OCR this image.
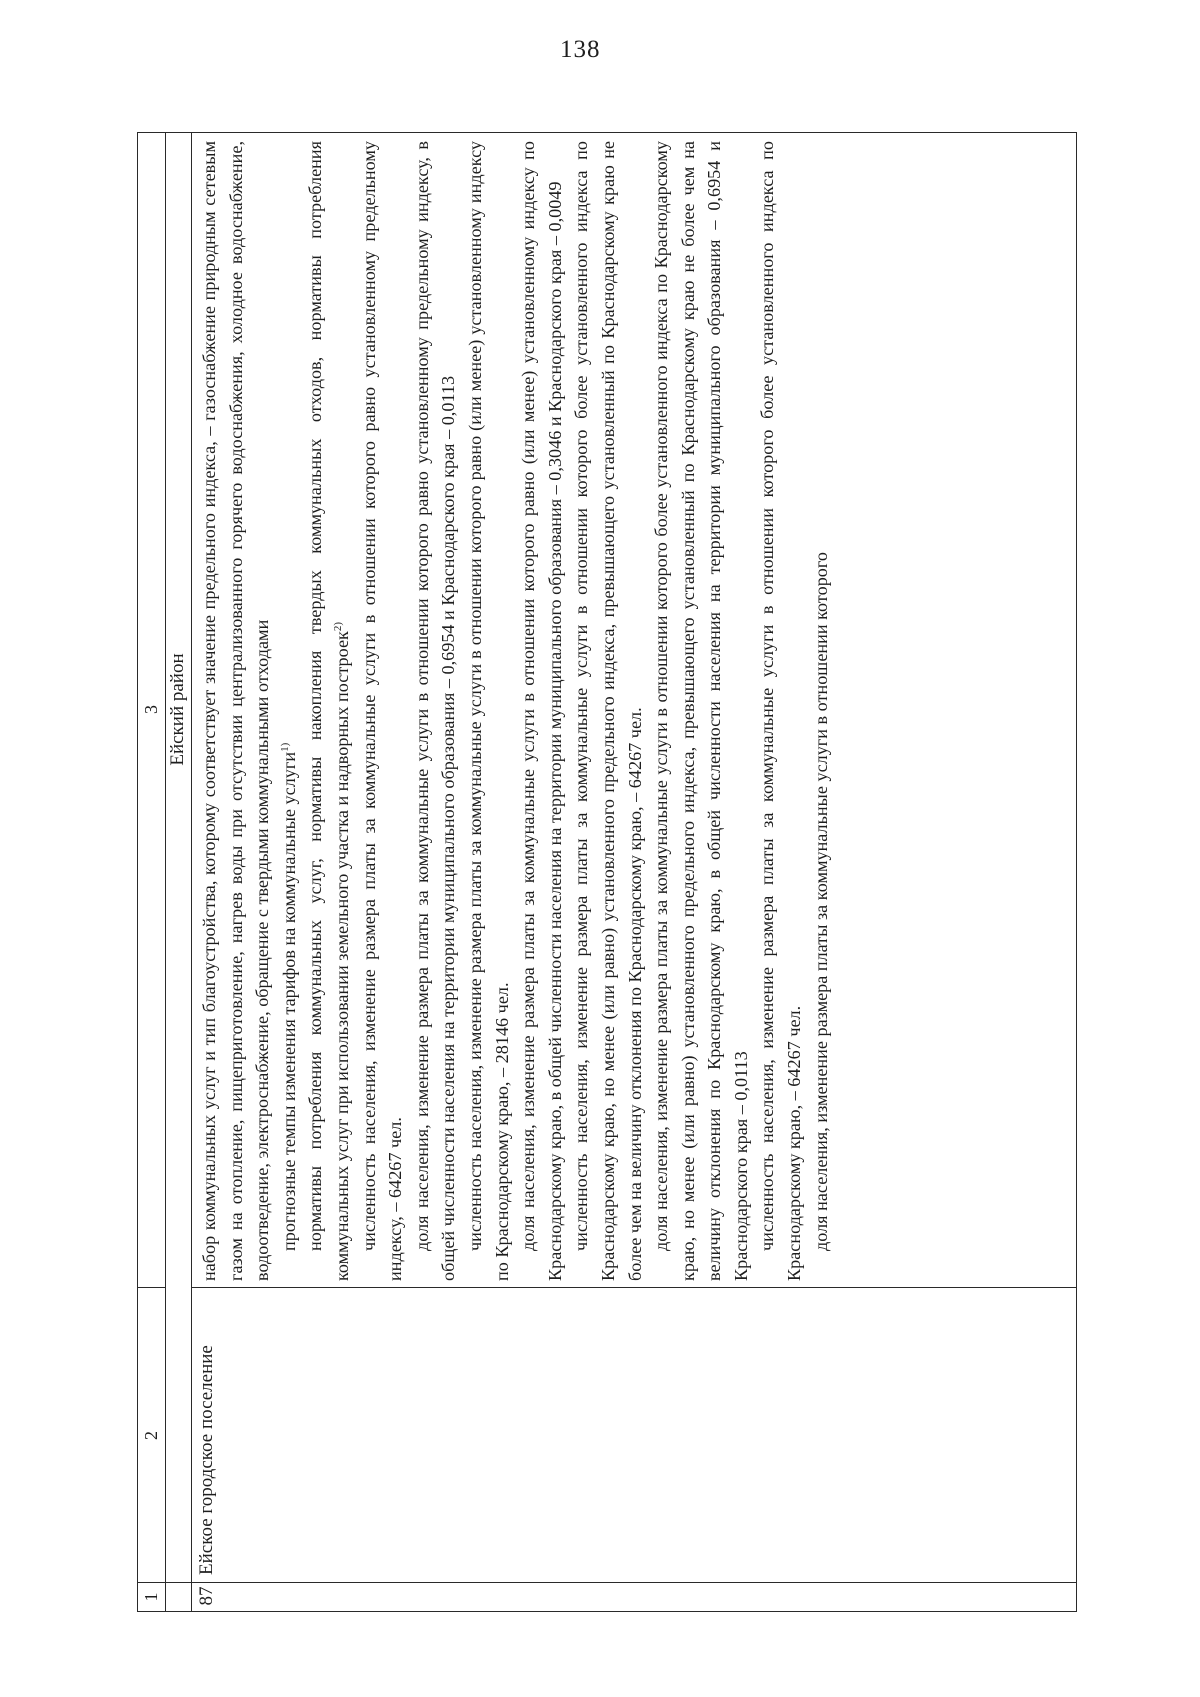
138
1
2
3 Ейский район
87
Ейское городское поселение

набор коммунальных услуг и тип благоустройства, которому соответствует значение предельного индекса, – газоснабжение природным сетевым газом на отопление, пищеприготовление, нагрев воды при отсутствии централизованного горячего водоснабжения, холодное водоснабжение, водоотведение, электроснабжение, обращение с твердыми коммунальными отходами прогнозные темпы изменения тарифов на коммунальные услуги$^{1)}$ нормативы потребления коммунальных услуг, нормативы накопления твердых коммунальных отходов, нормативы потребления коммунальных услуг при использовании земельного участка и надворных построек$^{2)}$ численность населения, изменение размера платы за коммунальные услуги в отношении которого равно установленному предельному индексу, – 64267 чел. доля населения, изменение размера платы за коммунальные услуги в отношении которого равно установленному предельному индексу, в общей численности населения на территории муниципального образования – 0,6954 и Краснодарского края – 0,0113 численность населения, изменение размера платы за коммунальные услуги в отношении которого равно (или менее) установленному индексу по Краснодарскому краю, – 28146 чел. доля населения, изменение размера платы за коммунальные услуги в отношении которого равно (или менее) установленному индексу по Краснодарскому краю, в общей численности населения на территории муниципального образования – 0,3046 и Краснодарского края – 0,0049 численность населения, изменение размера платы за коммунальные услуги в отношении которого более установленного индекса по Краснодарскому краю, но менее (или равно) установленного предельного индекса, превышающего установленный по Краснодарскому краю не более чем на величину отклонения по Краснодарскому краю, – 64267 чел. доля населения, изменение размера платы за коммунальные услуги в отношении которого более установленного индекса по Краснодарскому краю, но менее (или равно) установленного предельного индекса, превышающего установленный по Краснодарскому краю не более чем на величину отклонения по Краснодарскому краю, в общей численности населения на территории муниципального образования – 0,6954 и Краснодарского края – 0,0113 численность населения, изменение размера платы за коммунальные услуги в отношении которого более установленного индекса по Краснодарскому краю, – 64267 чел. доля населения, изменение размера платы за коммунальные услуги в отношении которого
